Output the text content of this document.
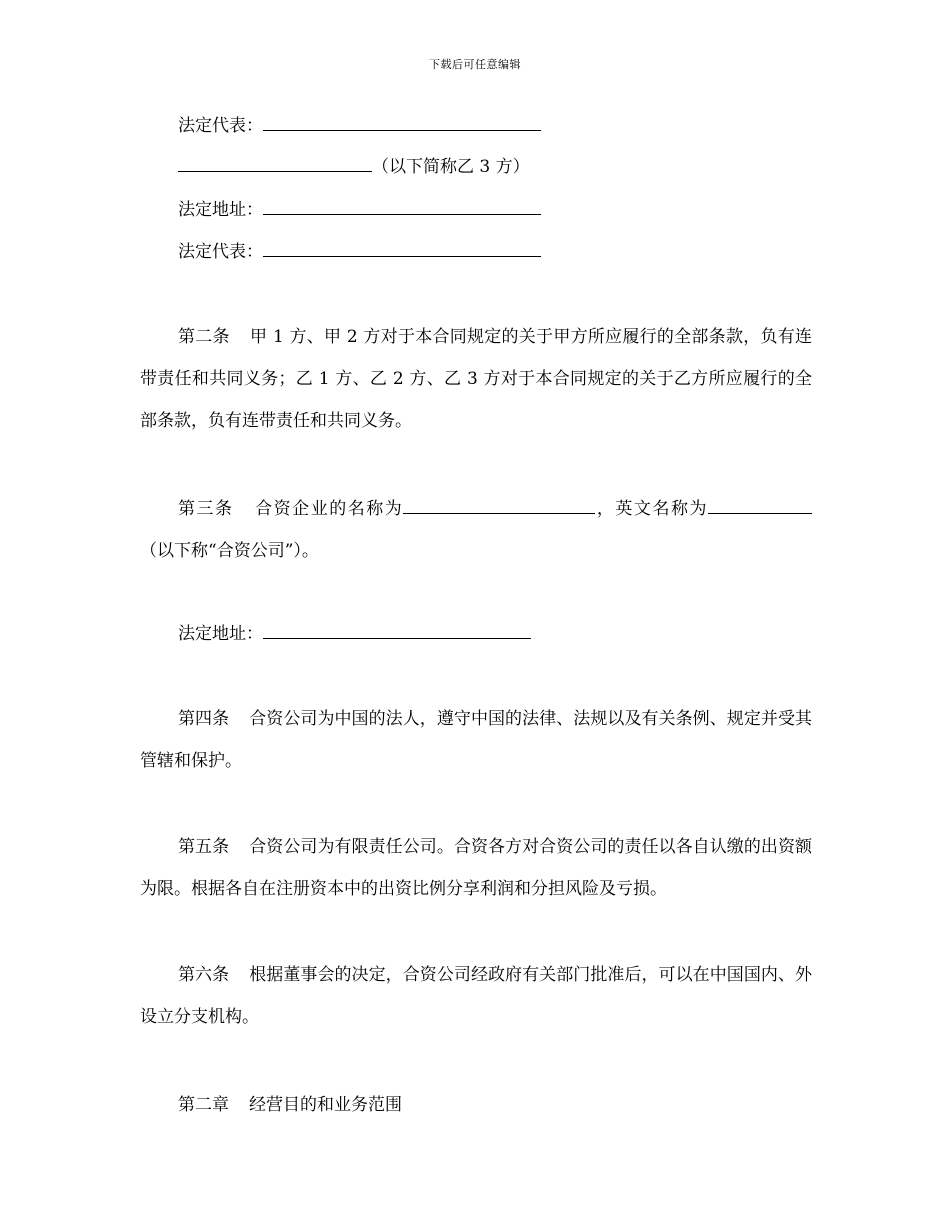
下载后可任意编辑
法定代表：
（以下简称乙 3 方）
法定地址：
法定代表：
第二条 甲 1 方、甲 2 方对于本合同规定的关于甲方所应履行的全部条款，负有连带责任和共同义务；乙 1 方、乙 2 方、乙 3 方对于本合同规定的关于乙方所应履行的全部条款，负有连带责任和共同义务。
第三条 合资企业的名称为	，英文名称为（以下称“合资公司”）。
法定地址：
第四条 合资公司为中国的法人，遵守中国的法律、法规以及有关条例、规定并受其管辖和保护。
第五条 合资公司为有限责任公司。合资各方对合资公司的责任以各自认缴的出资额为限。根据各自在注册资本中的出资比例分享利润和分担风险及亏损。
第六条 根据董事会的决定，合资公司经政府有关部门批准后，可以在中国国内、外设立分支机构。
第二章 经营目的和业务范围
